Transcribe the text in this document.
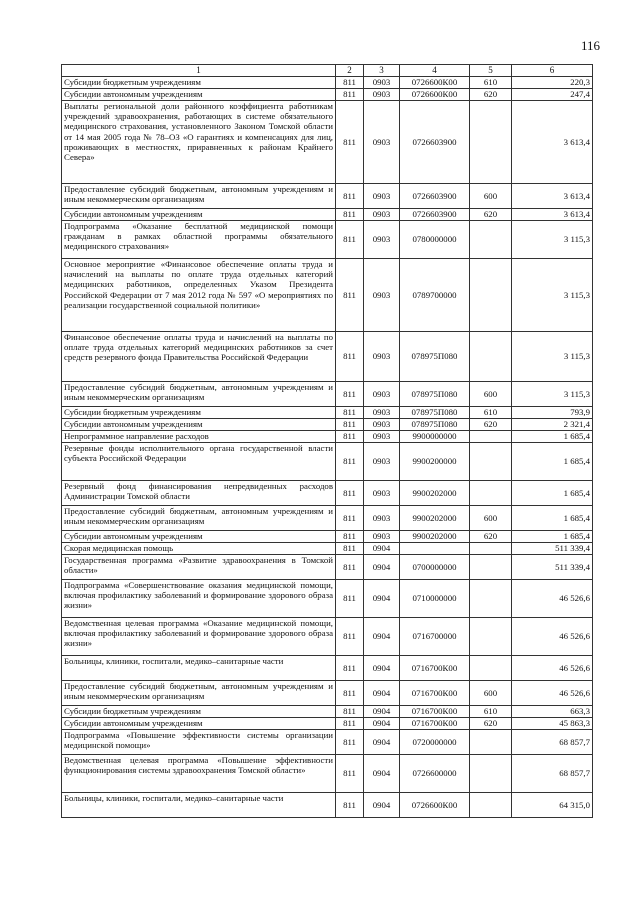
116
1	2	3	4	5	6
Субсидии бюджетным учреждениям	811	0903	0726600К00	610	220,3
Субсидии автономным учреждениям	811	0903	0726600К00	620	247,4
Выплаты региональной доли районного коэффициента работникам учреждений здравоохранения, работающих в системе обязательного медицинского страхования, установленного Законом Томской области от 14 мая 2005 года № 78–ОЗ «О гарантиях и компенсациях для лиц, проживающих в местностях, приравненных к районам Крайнего Севера»	811	0903	0726603900		3 613,4
Предоставление субсидий бюджетным, автономным учреждениям и иным некоммерческим организациям	811	0903	0726603900	600	3 613,4
Субсидии автономным учреждениям	811	0903	0726603900	620	3 613,4
Подпрограмма «Оказание бесплатной медицинской помощи гражданам в рамках областной программы обязательного медицинского страхования»	811	0903	0780000000		3 115,3
Основное мероприятие «Финансовое обеспечение оплаты труда и начислений на выплаты по оплате труда отдельных категорий медицинских работников, определенных Указом Президента Российской Федерации от 7 мая 2012 года № 597 «О мероприятиях по реализации государственной социальной политики»	811	0903	0789700000		3 115,3
Финансовое обеспечение оплаты труда и начислений на выплаты по оплате труда отдельных категорий медицинских работников за счет средств резервного фонда Правительства Российской Федерации	811	0903	078975П080		3 115,3
Предоставление субсидий бюджетным, автономным учреждениям и иным некоммерческим организациям	811	0903	078975П080	600	3 115,3
Субсидии бюджетным учреждениям	811	0903	078975П080	610	793,9
Субсидии автономным учреждениям	811	0903	078975П080	620	2 321,4
Непрограммное направление расходов	811	0903	9900000000		1 685,4
Резервные фонды исполнительного органа государственной власти субъекта Российской Федерации	811	0903	9900200000		1 685,4
Резервный фонд финансирования непредвиденных расходов Администрации Томской области	811	0903	9900202000		1 685,4
Предоставление субсидий бюджетным, автономным учреждениям и иным некоммерческим организациям	811	0903	9900202000	600	1 685,4
Субсидии автономным учреждениям	811	0903	9900202000	620	1 685,4
Скорая медицинская помощь	811	0904			511 339,4
Государственная программа «Развитие здравоохранения в Томской области»	811	0904	0700000000		511 339,4
Подпрограмма «Совершенствование оказания медицинской помощи, включая профилактику заболеваний и формирование здорового образа жизни»	811	0904	0710000000		46 526,6
Ведомственная целевая программа «Оказание медицинской помощи, включая профилактику заболеваний и формирование здорового образа жизни»	811	0904	0716700000		46 526,6
Больницы, клиники, госпитали, медико–санитарные части	811	0904	0716700К00		46 526,6
Предоставление субсидий бюджетным, автономным учреждениям и иным некоммерческим организациям	811	0904	0716700К00	600	46 526,6
Субсидии бюджетным учреждениям	811	0904	0716700К00	610	663,3
Субсидии автономным учреждениям	811	0904	0716700К00	620	45 863,3
Подпрограмма «Повышение эффективности системы организации медицинской помощи»	811	0904	0720000000		68 857,7
Ведомственная целевая программа «Повышение эффективности функционирования системы здравоохранения Томской области»	811	0904	0726600000		68 857,7
Больницы, клиники, госпитали, медико–санитарные части	811	0904	0726600К00		64 315,0
